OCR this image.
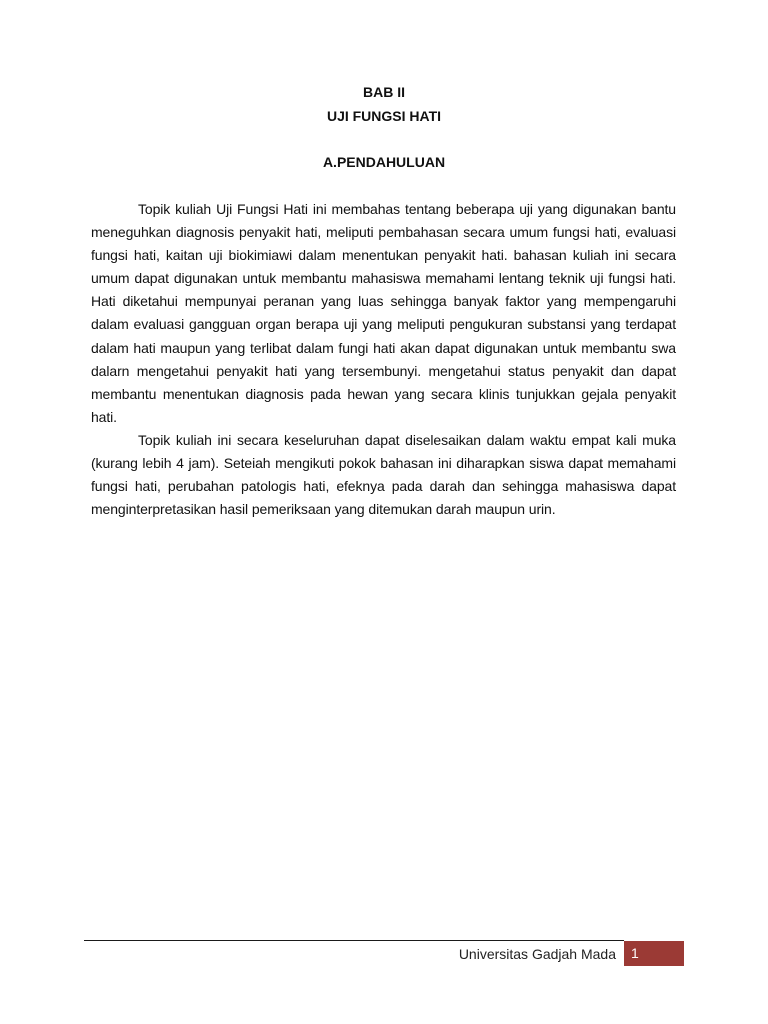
BAB II
UJI FUNGSI HATI
A.PENDAHULUAN

Topik kuliah Uji Fungsi Hati ini membahas tentang beberapa uji yang digunakan bantu meneguhkan diagnosis penyakit hati, meliputi pembahasan secara umum fungsi hati, evaluasi fungsi hati, kaitan uji biokimiawi dalam menentukan penyakit hati. bahasan kuliah ini secara umum dapat digunakan untuk membantu mahasiswa memahami lentang teknik uji fungsi hati. Hati diketahui mempunyai peranan yang luas sehingga banyak faktor yang mempengaruhi dalam evaluasi gangguan organ berapa uji yang meliputi pengukuran substansi yang terdapat dalam hati maupun yang terlibat dalam fungi hati akan dapat digunakan untuk membantu swa dalarn mengetahui penyakit hati yang tersembunyi. mengetahui status penyakit dan dapat membantu menentukan diagnosis pada hewan yang secara klinis tunjukkan gejala penyakit hati.

Topik kuliah ini secara keseluruhan dapat diselesaikan dalam waktu empat kali muka (kurang lebih 4 jam). Seteiah mengikuti pokok bahasan ini diharapkan siswa dapat memahami fungsi hati, perubahan patologis hati, efeknya pada darah dan sehingga mahasiswa dapat menginterpretasikan hasil pemeriksaan yang ditemukan darah maupun urin.

Universitas Gadjah Mada	1
